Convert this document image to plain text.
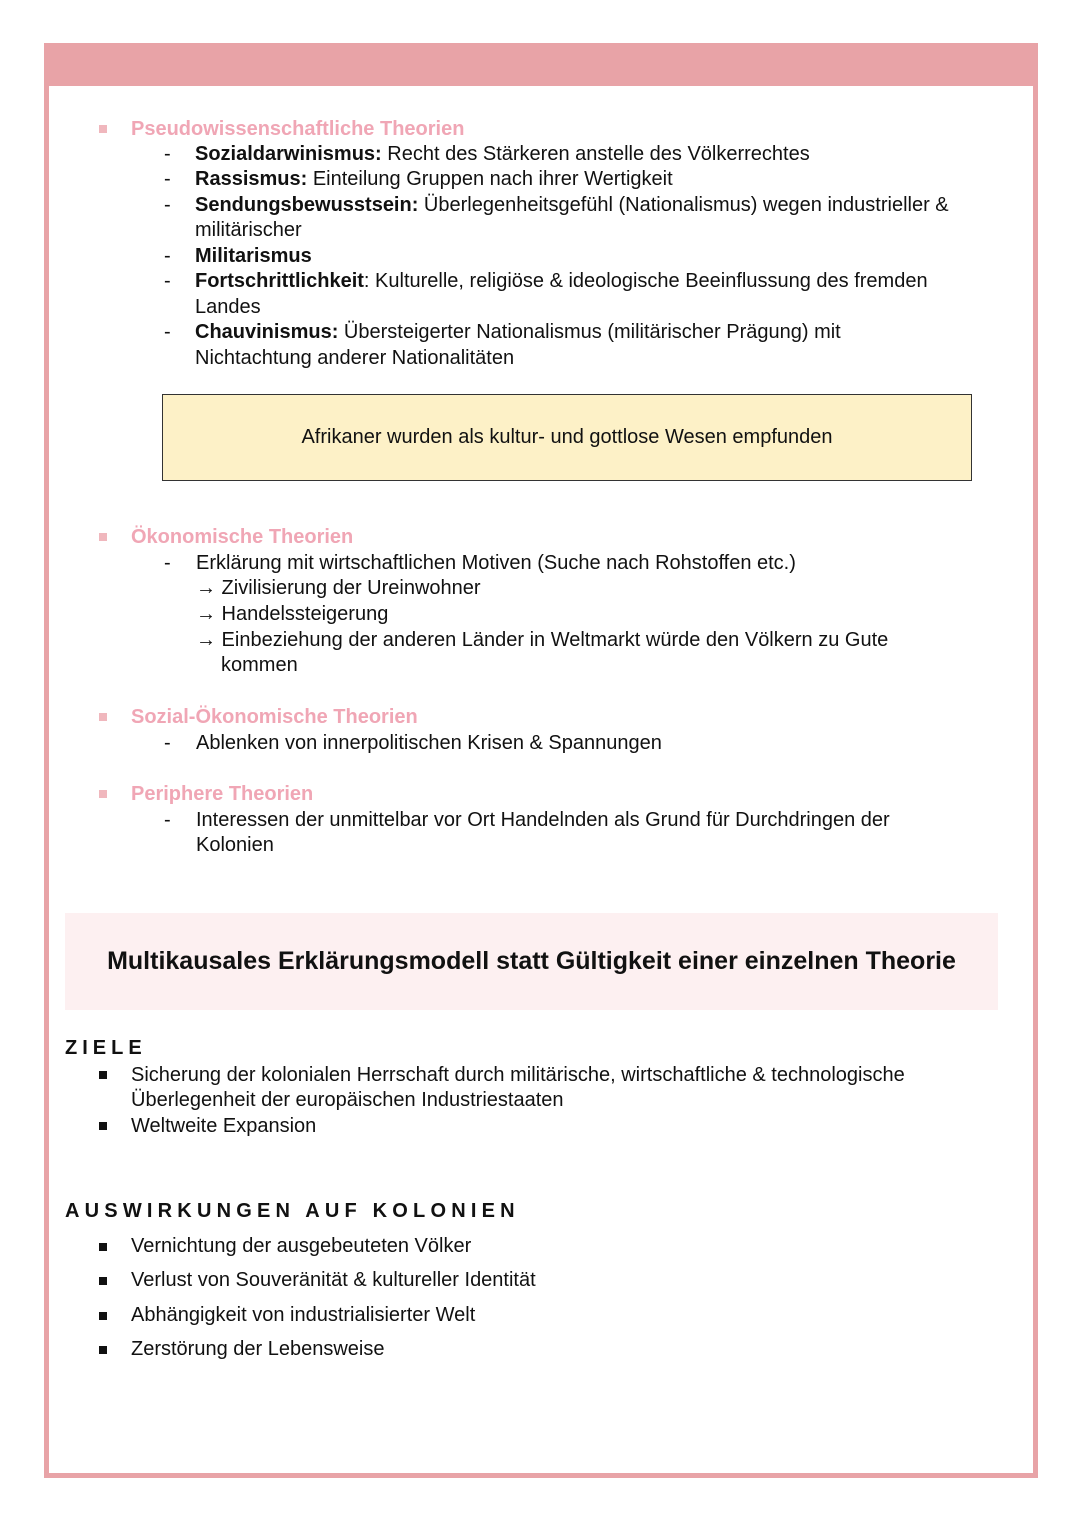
Pseudowissenschaftliche Theorien
- Sozialdarwinismus: Recht des Stärkeren anstelle des Völkerrechtes
- Rassismus: Einteilung Gruppen nach ihrer Wertigkeit
- Sendungsbewusstsein: Überlegenheitsgefühl (Nationalismus) wegen industrieller &
militärischer
- Militarismus
- Fortschrittlichkeit: Kulturelle, religiöse & ideologische Beeinflussung des fremden
Landes
- Chauvinismus: Übersteigerter Nationalismus (militärischer Prägung) mit
Nichtachtung anderer Nationalitäten
Afrikaner wurden als kultur- und gottlose Wesen empfunden
Ökonomische Theorien
- Erklärung mit wirtschaftlichen Motiven (Suche nach Rohstoffen etc.)
→ Zivilisierung der Ureinwohner
→ Handelssteigerung
→ Einbeziehung der anderen Länder in Weltmarkt würde den Völkern zu Gute
kommen
Sozial-Ökonomische Theorien
- Ablenken von innerpolitischen Krisen & Spannungen
Periphere Theorien
- Interessen der unmittelbar vor Ort Handelnden als Grund für Durchdringen der
Kolonien
Multikausales Erklärungsmodell statt Gültigkeit einer einzelnen Theorie
ZIELE
Sicherung der kolonialen Herrschaft durch militärische, wirtschaftliche & technologische
Überlegenheit der europäischen Industriestaaten
Weltweite Expansion
AUSWIRKUNGEN AUF KOLONIEN
Vernichtung der ausgebeuteten Völker
Verlust von Souveränität & kultureller Identität
Abhängigkeit von industrialisierter Welt
Zerstörung der Lebensweise
